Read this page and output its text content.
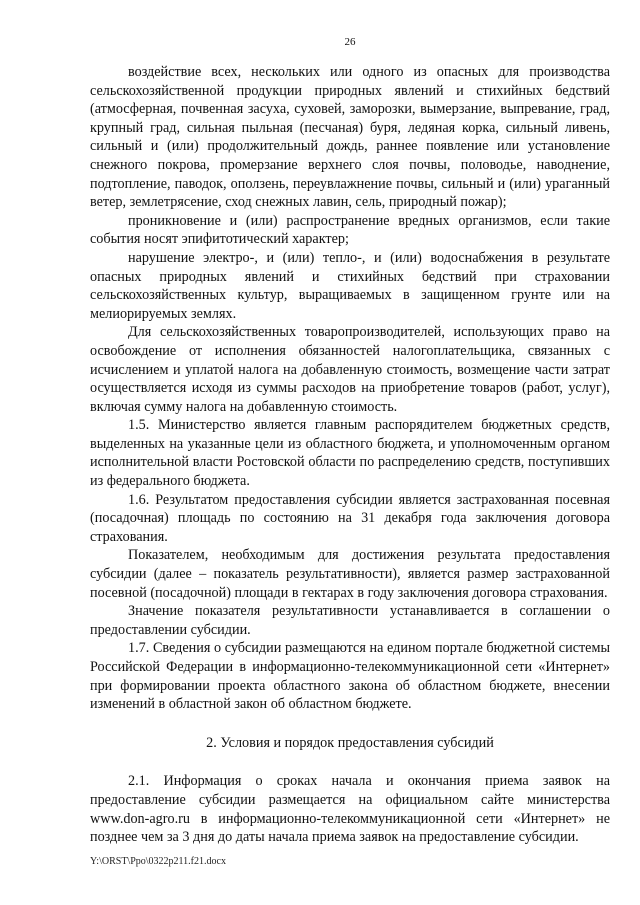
26

воздействие всех, нескольких или одного из опасных для производства сельскохозяйственной продукции природных явлений и стихийных бедствий (атмосферная, почвенная засуха, суховей, заморозки, вымерзание, выпревание, град, крупный град, сильная пыльная (песчаная) буря, ледяная корка, сильный ливень, сильный и (или) продолжительный дождь, раннее появление или установление снежного покрова, промерзание верхнего слоя почвы, половодье, наводнение, подтопление, паводок, оползень, переувлажнение почвы, сильный и (или) ураганный ветер, землетрясение, сход снежных лавин, сель, природный пожар);

проникновение и (или) распространение вредных организмов, если такие события носят эпифитотический характер;

нарушение электро-, и (или) тепло-, и (или) водоснабжения в результате опасных природных явлений и стихийных бедствий при страховании сельскохозяйственных культур, выращиваемых в защищенном грунте или на мелиорируемых землях.

Для сельскохозяйственных товаропроизводителей, использующих право на освобождение от исполнения обязанностей налогоплательщика, связанных с исчислением и уплатой налога на добавленную стоимость, возмещение части затрат осуществляется исходя из суммы расходов на приобретение товаров (работ, услуг), включая сумму налога на добавленную стоимость.

1.5. Министерство является главным распорядителем бюджетных средств, выделенных на указанные цели из областного бюджета, и уполномоченным органом исполнительной власти Ростовской области по распределению средств, поступивших из федерального бюджета.

1.6. Результатом предоставления субсидии является застрахованная посевная (посадочная) площадь по состоянию на 31 декабря года заключения договора страхования.

Показателем, необходимым для достижения результата предоставления субсидии (далее – показатель результативности), является размер застрахованной посевной (посадочной) площади в гектарах в году заключения договора страхования.

Значение показателя результативности устанавливается в соглашении о предоставлении субсидии.

1.7. Сведения о субсидии размещаются на едином портале бюджетной системы Российской Федерации в информационно-телекоммуникационной сети «Интернет» при формировании проекта областного закона об областном бюджете, внесении изменений в областной закон об областном бюджете.

2. Условия и порядок предоставления субсидий

2.1. Информация о сроках начала и окончания приема заявок на предоставление субсидии размещается на официальном сайте министерства www.don-agro.ru в информационно-телекоммуникационной сети «Интернет» не позднее чем за 3 дня до даты начала приема заявок на предоставление субсидии.

Y:\ORST\Ppo\0322p211.f21.docx
